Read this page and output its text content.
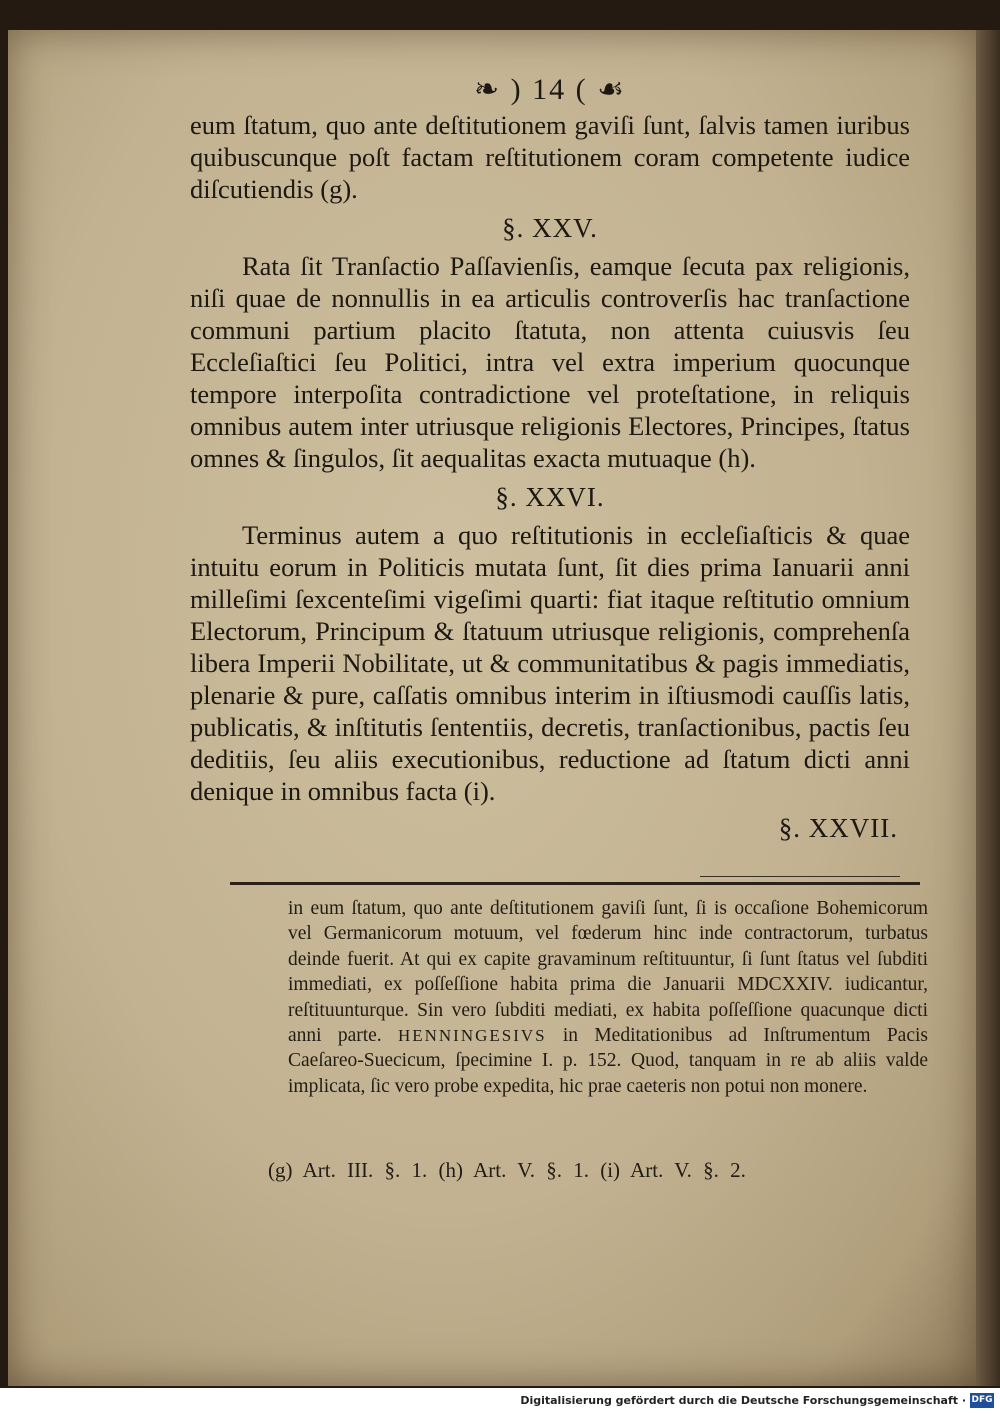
❧ ) 14 ( ☙

eum ſtatum, quo ante deſtitutionem gaviſi ſunt, ſalvis tamen iuribus quibuscunque poſt factam reſtitutionem coram competente iudice diſcutiendis (g).

§. XXV.

Rata ſit Tranſactio Paſſavienſis, eamque ſecuta pax religionis, niſi quae de nonnullis in ea articulis controverſis hac tranſactione communi partium placito ſtatuta, non attenta cuiusvis ſeu Eccleſiaſtici ſeu Politici, intra vel extra imperium quocunque tempore interpoſita contradictione vel proteſtatione, in reliquis omnibus autem inter utriusque religionis Electores, Principes, ſtatus omnes & ſingulos, ſit aequalitas exacta mutuaque (h).

§. XXVI.

Terminus autem a quo reſtitutionis in eccleſiaſticis & quae intuitu eorum in Politicis mutata ſunt, ſit dies prima Ianuarii anni milleſimi ſexcenteſimi vigeſimi quarti: fiat itaque reſtitutio omnium Electorum, Principum & ſtatuum utriusque religionis, comprehenſa libera Imperii Nobilitate, ut & communitatibus & pagis immediatis, plenarie & pure, caſſatis omnibus interim in iſtiusmodi cauſſis latis, publicatis, & inſtitutis ſententiis, decretis, tranſactionibus, pactis ſeu deditiis, ſeu aliis executionibus, reductione ad ſtatum dicti anni denique in omnibus facta (i).

§. XXVII.
in eum ſtatum, quo ante deſtitutionem gaviſi ſunt, ſi is occaſione Bohemicorum vel Germanicorum motuum, vel fœderum hinc inde contractorum, turbatus deinde fuerit. At qui ex capite gravaminum reſtituuntur, ſi ſunt ſtatus vel ſubditi immediati, ex poſſeſſione habita prima die Januarii MDCXXIV. iudicantur, reſtituunturque. Sin vero ſubditi mediati, ex habita poſſeſſione quacunque dicti anni parte. HENNINGESIVS in Meditationibus ad Inſtrumentum Pacis Caeſareo-Suecicum, ſpecimine I. p. 152. Quod, tanquam in re ab aliis valde implicata, ſic vero probe expedita, hic prae caeteris non potui non monere.
(g) Art. III. §. 1. (h) Art. V. §. 1. (i) Art. V. §. 2.
Digitalisierung gefördert durch die Deutsche Forschungsgemeinschaft · DFG
